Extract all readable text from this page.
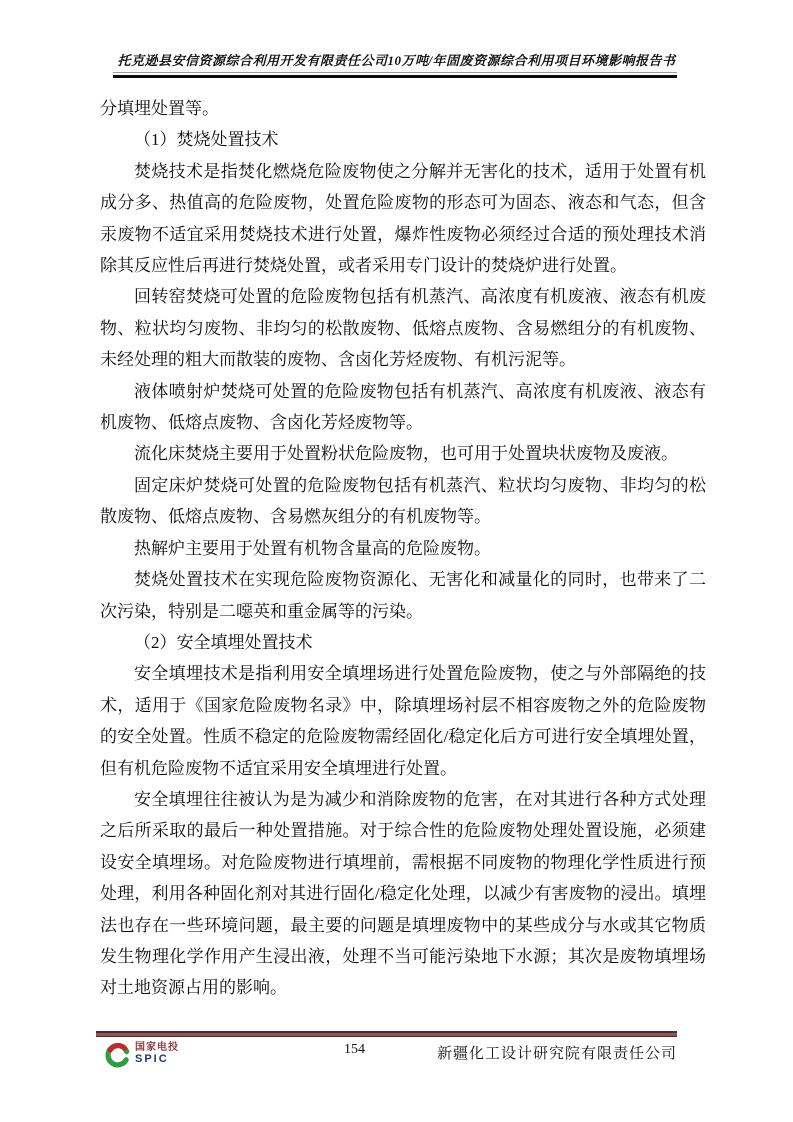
托克逊县安信资源综合利用开发有限责任公司10万吨/年固废资源综合利用项目环境影响报告书

分填埋处置等。

（1）焚烧处置技术

焚烧技术是指焚化燃烧危险废物使之分解并无害化的技术，适用于处置有机成分多、热值高的危险废物，处置危险废物的形态可为固态、液态和气态，但含汞废物不适宜采用焚烧技术进行处置，爆炸性废物必须经过合适的预处理技术消除其反应性后再进行焚烧处置，或者采用专门设计的焚烧炉进行处置。

回转窑焚烧可处置的危险废物包括有机蒸汽、高浓度有机废液、液态有机废物、粒状均匀废物、非均匀的松散废物、低熔点废物、含易燃组分的有机废物、未经处理的粗大而散装的废物、含卤化芳烃废物、有机污泥等。

液体喷射炉焚烧可处置的危险废物包括有机蒸汽、高浓度有机废液、液态有机废物、低熔点废物、含卤化芳烃废物等。

流化床焚烧主要用于处置粉状危险废物，也可用于处置块状废物及废液。

固定床炉焚烧可处置的危险废物包括有机蒸汽、粒状均匀废物、非均匀的松散废物、低熔点废物、含易燃灰组分的有机废物等。

热解炉主要用于处置有机物含量高的危险废物。

焚烧处置技术在实现危险废物资源化、无害化和减量化的同时，也带来了二次污染，特别是二噁英和重金属等的污染。

（2）安全填埋处置技术

安全填埋技术是指利用安全填埋场进行处置危险废物，使之与外部隔绝的技术，适用于《国家危险废物名录》中，除填埋场衬层不相容废物之外的危险废物的安全处置。性质不稳定的危险废物需经固化/稳定化后方可进行安全填埋处置，但有机危险废物不适宜采用安全填埋进行处置。

安全填埋往往被认为是为减少和消除废物的危害，在对其进行各种方式处理之后所采取的最后一种处置措施。对于综合性的危险废物处理处置设施，必须建设安全填埋场。对危险废物进行填埋前，需根据不同废物的物理化学性质进行预处理，利用各种固化剂对其进行固化/稳定化处理，以减少有害废物的浸出。填埋法也存在一些环境问题，最主要的问题是填埋废物中的某些成分与水或其它物质发生物理化学作用产生浸出液，处理不当可能污染地下水源；其次是废物填埋场对土地资源占用的影响。

国家电投
SPIC
154	新疆化工设计研究院有限责任公司
